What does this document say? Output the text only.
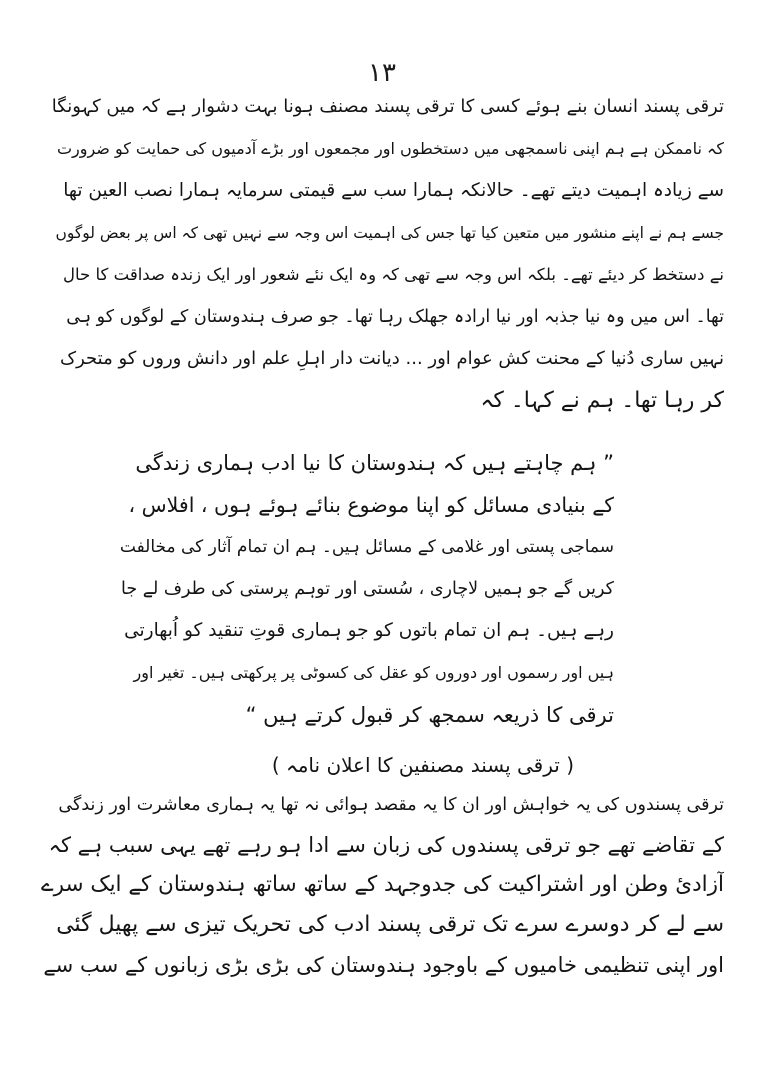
۱۳
ترقی پسند انسان بنے ہوئے کسی کا ترقی پسند مصنف ہونا بہت دشوار ہے کہ میں کہونگا
کہ ناممکن ہے ہم اپنی ناسمجھی میں دستخطوں اور مجمعوں اور بڑے آدمیوں کی حمایت کو ضرورت
سے زیادہ اہمیت دیتے تھے۔ حالانکہ ہمارا سب سے قیمتی سرمایہ ہمارا نصب العین تھا
جسے ہم نے اپنے منشور میں متعین کیا تھا جس کی اہمیت اس وجہ سے نہیں تھی کہ اس پر بعض لوگوں
نے دستخط کر دیئے تھے۔ بلکہ اس وجہ سے تھی کہ وہ ایک نئے شعور اور ایک زندہ صداقت کا حال
تھا۔ اس میں وہ نیا جذبہ اور نیا ارادہ جھلک رہا تھا۔ جو صرف ہندوستان کے لوگوں کو ہی
نہیں ساری دُنیا کے محنت کش عوام اور ... دیانت دار اہلِ علم اور دانش وروں کو متحرک
کر رہا تھا۔ ہم نے کہا۔ کہ
” ہم چاہتے ہیں کہ ہندوستان کا نیا ادب ہماری زندگی
کے بنیادی مسائل کو اپنا موضوع بنائے ہوئے ہوں ، افلاس ،
سماجی پستی اور غلامی کے مسائل ہیں۔ ہم ان تمام آثار کی مخالفت
کریں گے جو ہمیں لاچاری ، سُستی اور توہم پرستی کی طرف لے جا
رہے ہیں۔ ہم ان تمام باتوں کو جو ہماری قوتِ تنقید کو اُبھارتی
ہیں اور رسموں اور دوروں کو عقل کی کسوٹی پر پرکھتی ہیں۔ تغیر اور
ترقی کا ذریعہ سمجھ کر قبول کرتے ہیں “
( ترقی پسند مصنفین کا اعلان نامہ )
ترقی پسندوں کی یہ خواہش اور ان کا یہ مقصد ہوائی نہ تھا یہ ہماری معاشرت اور زندگی
کے تقاضے تھے جو ترقی پسندوں کی زبان سے ادا ہو رہے تھے یہی سبب ہے کہ
آزادیٔ وطن اور اشتراکیت کی جدوجہد کے ساتھ ساتھ ہندوستان کے ایک سرے
سے لے کر دوسرے سرے تک ترقی پسند ادب کی تحریک تیزی سے پھیل گئی
اور اپنی تنظیمی خامیوں کے باوجود ہندوستان کی بڑی بڑی زبانوں کے سب سے
